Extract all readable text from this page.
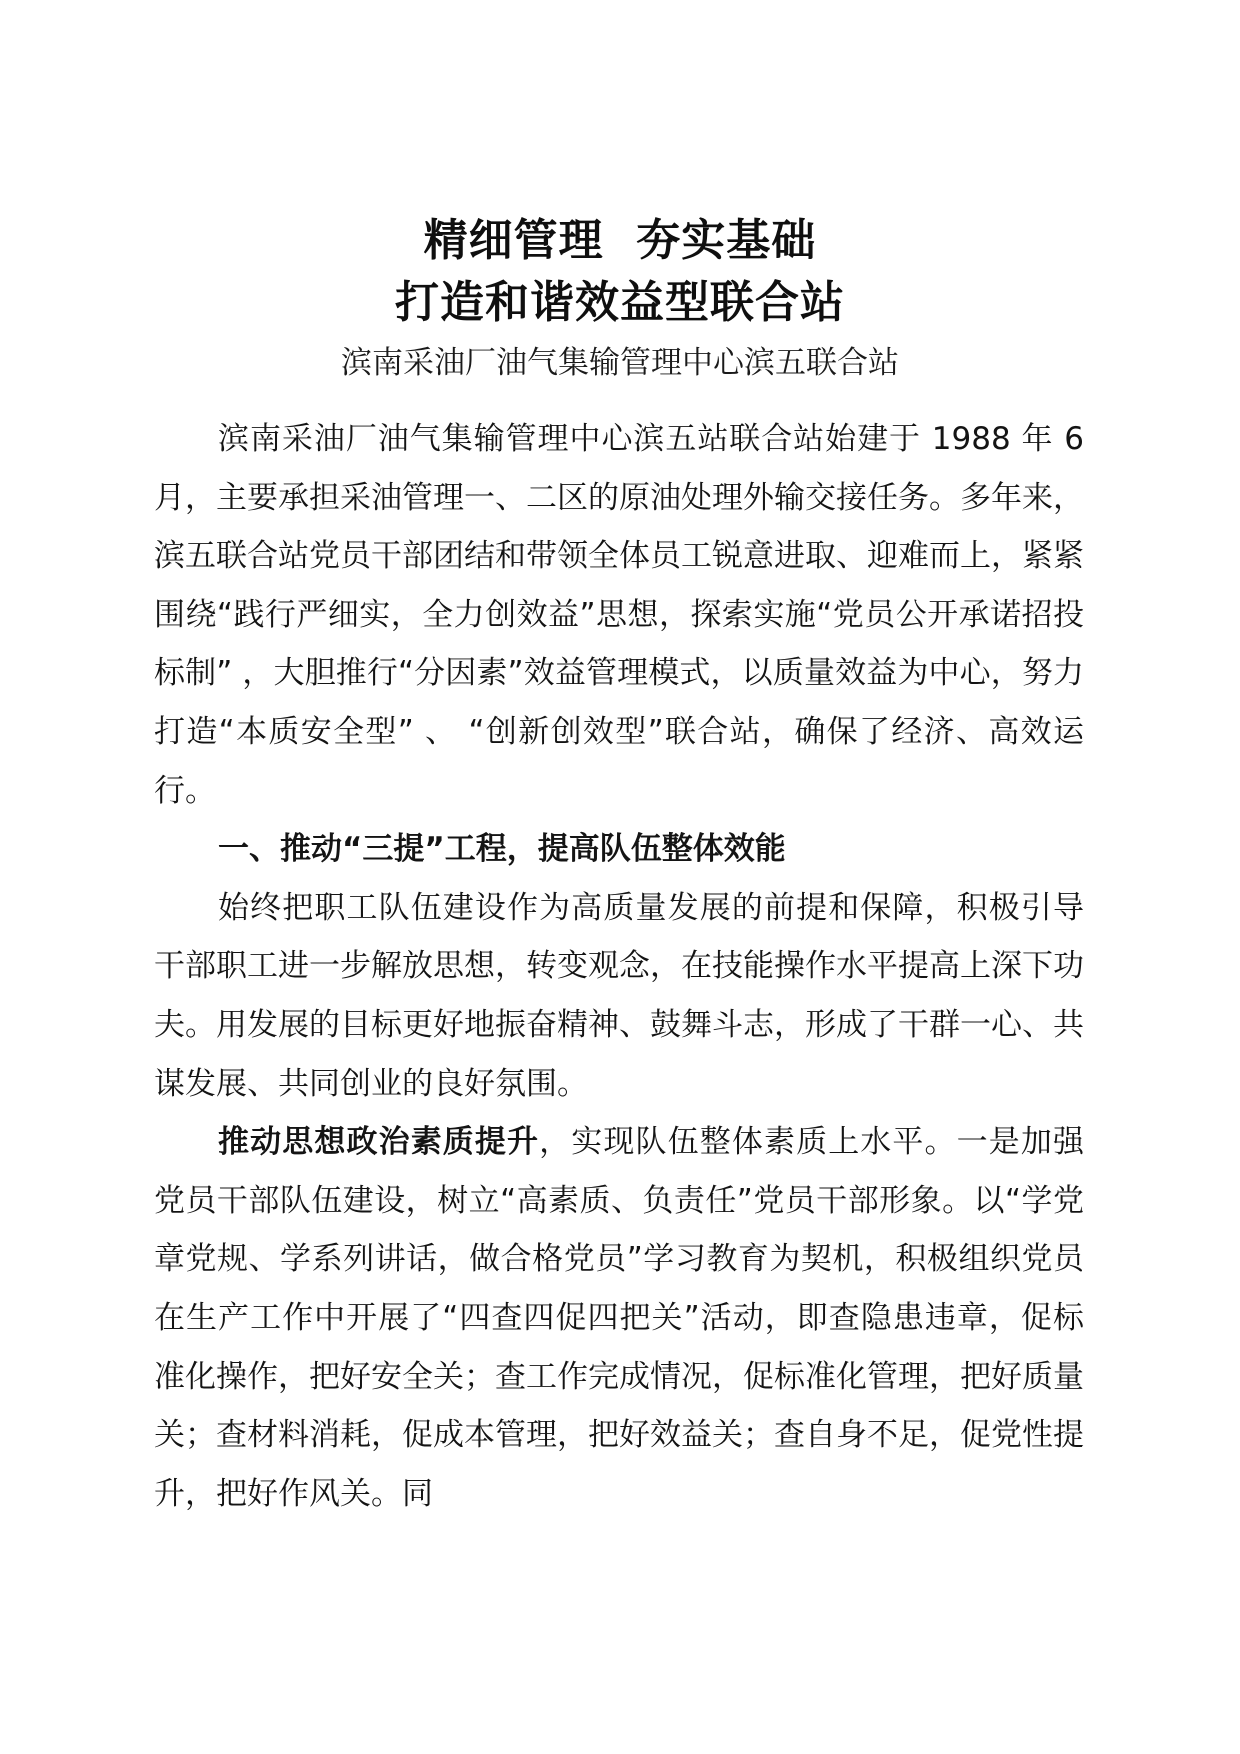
精细管理  夯实基础

打造和谐效益型联合站

滨南采油厂油气集输管理中心滨五联合站

滨南采油厂油气集输管理中心滨五站联合站始建于 1988 年 6 月，主要承担采油管理一、二区的原油处理外输交接任务。多年来，滨五联合站党员干部团结和带领全体员工锐意进取、迎难而上，紧紧围绕“践行严细实，全力创效益”思想，探索实施“党员公开承诺招投标制” ，大胆推行“分因素”效益管理模式，以质量效益为中心，努力打造“本质安全型” 、 “创新创效型”联合站，确保了经济、高效运行。

一、推动“三提”工程，提高队伍整体效能

始终把职工队伍建设作为高质量发展的前提和保障，积极引导干部职工进一步解放思想，转变观念，在技能操作水平提高上深下功夫。用发展的目标更好地振奋精神、鼓舞斗志，形成了干群一心、共谋发展、共同创业的良好氛围。

推动思想政治素质提升，实现队伍整体素质上水平。一是加强党员干部队伍建设，树立“高素质、负责任”党员干部形象。以“学党章党规、学系列讲话，做合格党员”学习教育为契机，积极组织党员在生产工作中开展了“四查四促四把关”活动，即查隐患违章，促标准化操作，把好安全关；查工作完成情况，促标准化管理，把好质量关；查材料消耗，促成本管理，把好效益关；查自身不足，促党性提升，把好作风关。同
